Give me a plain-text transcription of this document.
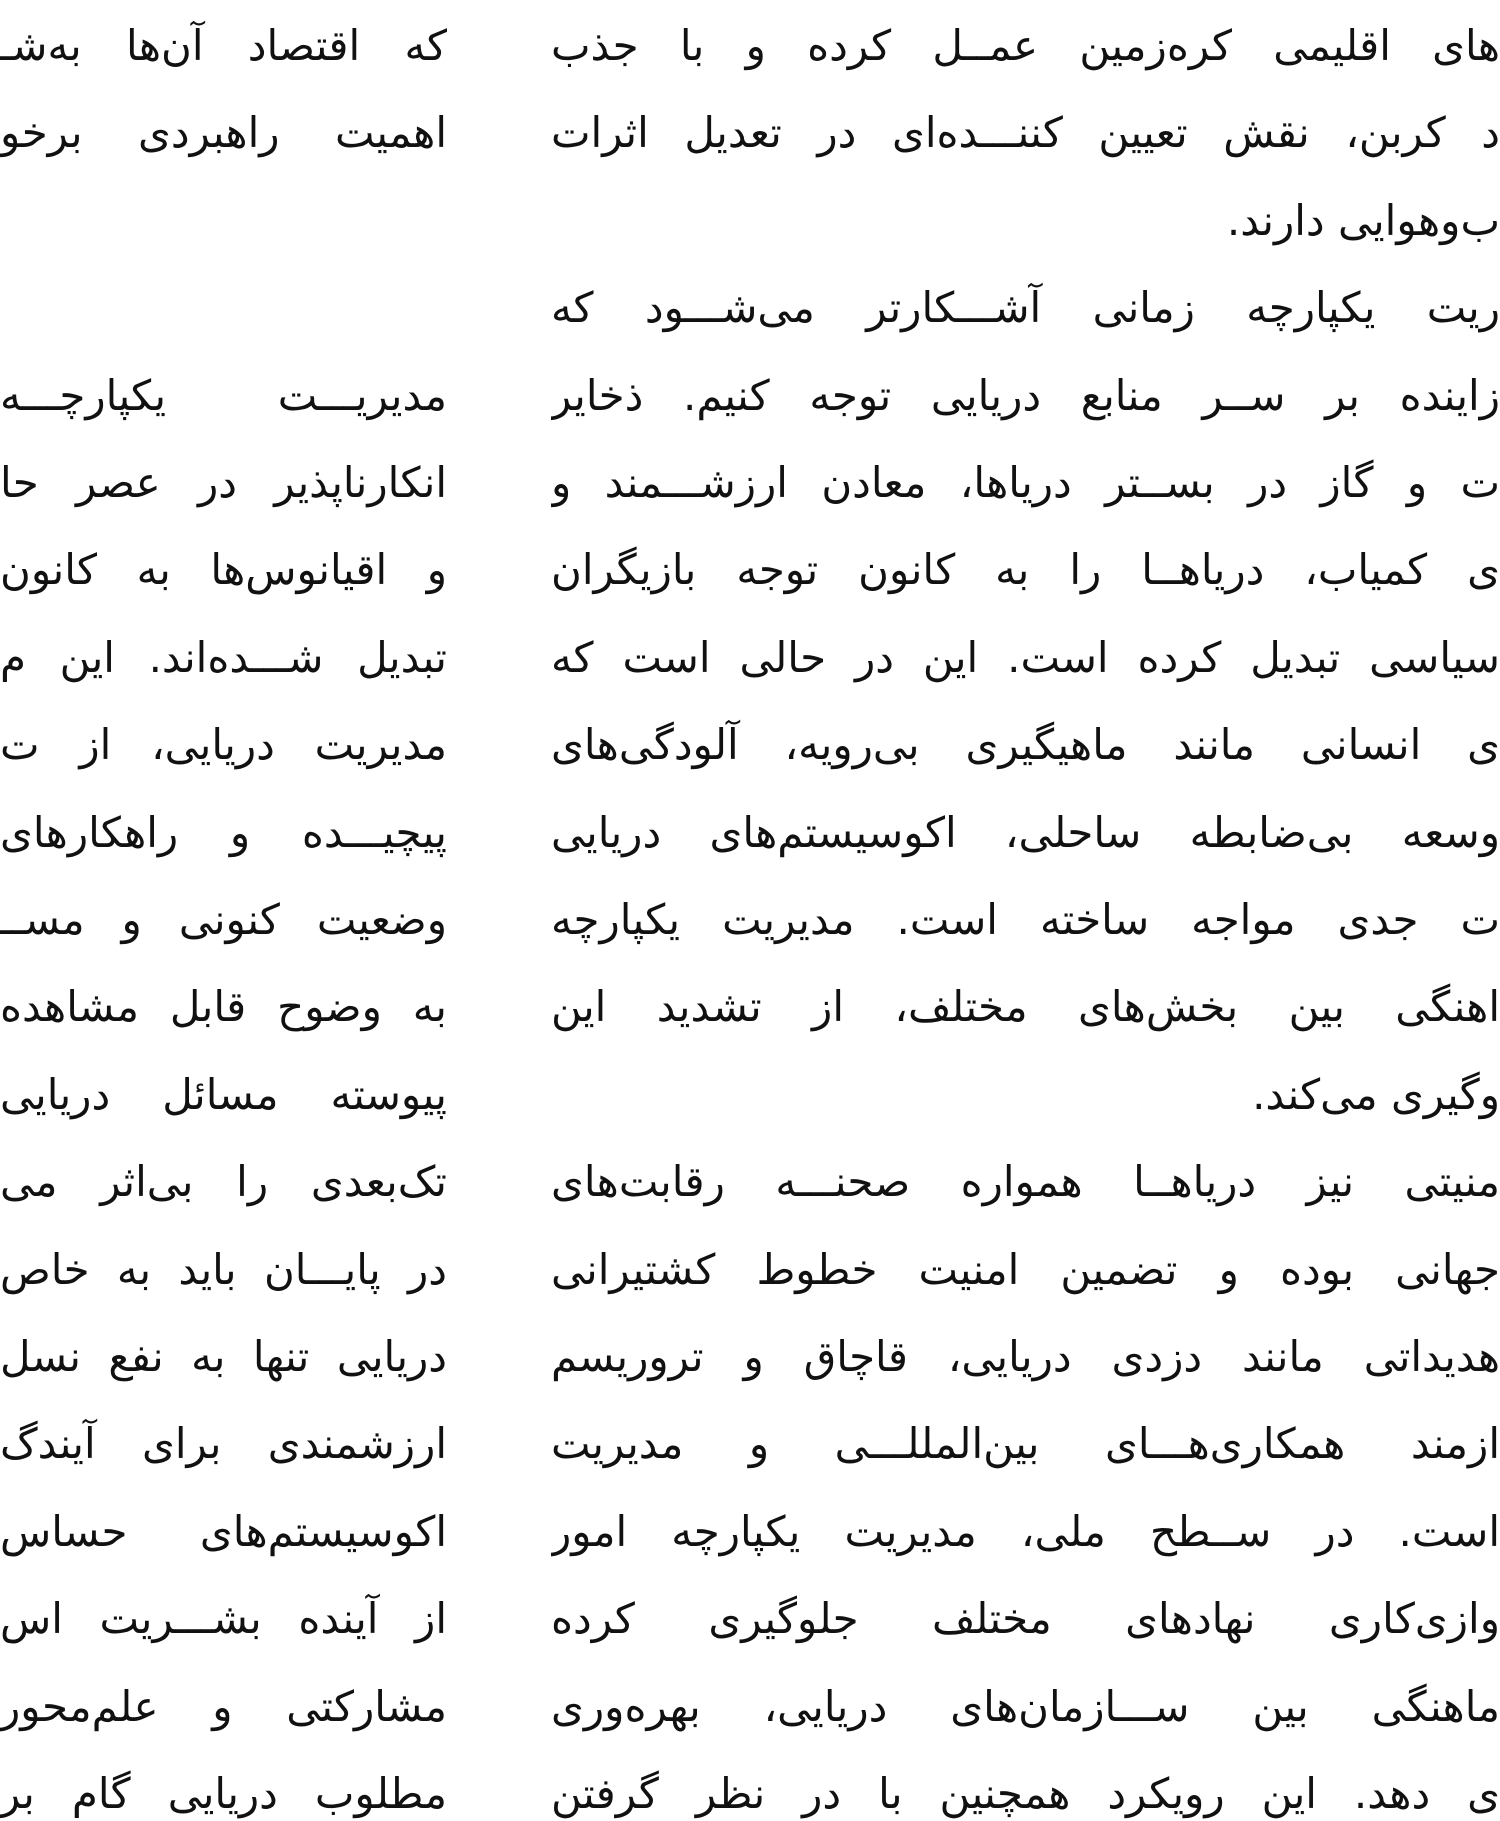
های اقلیمی کره‌زمین عمــل کرده و با جذب
د کربن، نقش تعیین کننـــده‌ای در تعدیل اثرات
ب‌وهوایی دارند.
ریت یکپارچه زمانی آشـــکارتر می‌شـــود که
زاینده بر ســر منابع دریایی توجه کنیم. ذخایر
ت و گاز در بســتر دریاها، معادن ارزشـــمند و
ی کمیاب، دریاهــا را به کانون توجه بازیگران
سیاسی تبدیل کرده است. این در حالی است که
ی انسانی مانند ماهیگیری بی‌رویه، آلودگی‌های
وسعه بی‌ضابطه ساحلی، اکوسیستم‌های دریایی
ت جدی مواجه ساخته است. مدیریت یکپارچه
اهنگی بین بخش‌های مختلف، از تشدید این
وگیری می‌کند.
منیتی نیز دریاهــا همواره صحنـــه رقابت‌های
جهانی بوده و تضمین امنیت خطوط کشتیرانی
هدیداتی مانند دزدی دریایی، قاچاق و تروریسم
ازمند همکاری‌هـــای بین‌المللـــی و مدیریت
است. در ســطح ملی، مدیریت یکپارچه امور
وازی‌کاری نهادهای مختلف جلوگیری کرده
ماهنگی بین ســـازمان‌های دریایی، بهره‌وری
ی دهد. این رویکرد همچنین با در نظر گرفتن
که اقتصاد آن‌ها به‌شـ
اهمیت راهبردی برخو
مدیریـــت یکپارچـــه
انکارناپذیر در عصر حا
و اقیانوس‌ها به کانون
تبدیل شـــده‌اند. این م
مدیریت دریایی، از ت
پیچیـــده و راهکارهای
وضعیت کنونی و مســ
به وضوح قابل مشاهده
پیوسته مسائل دریایی
تک‌بعدی را بی‌اثر می‌
در پایـــان باید به خاص
دریایی تنها به نفع نسل
ارزشمندی برای آیندگ
اکوسیستم‌های حساس
از آینده بشـــریت اس
مشارکتی و علم‌محور
مطلوب دریایی گام بر
